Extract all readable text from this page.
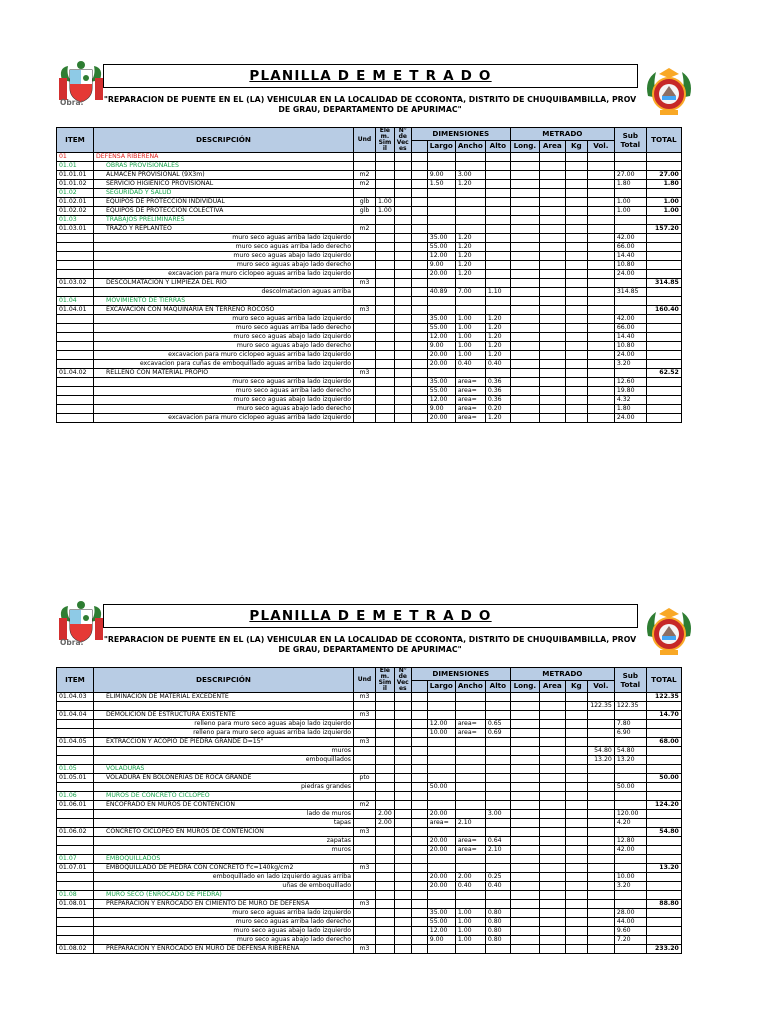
PLANILLA D E M E T R A D O
Obra:	"REPARACION DE PUENTE EN EL (LA) VEHICULAR EN LA LOCALIDAD DE CCORONTA, DISTRITO DE CHUQUIBAMBILLA, PROV
DE GRAU, DEPARTAMENTO DE APURIMAC"
ITEM	DESCRIPCIÓN	Und	Elem. Simil	N° de Veces	DIMENSIONES				METRADO				Sub Total	TOTAL
						Largo	Ancho	Alto	Long.	Area	Kg	Vol.		
01	DEFENSA RIBEREÑA													
01.01	OBRAS PROVISIONALES													
01.01.01	ALMACEN PROVISIONAL (9X3m)	m2				9.00	3.00						27.00	27.00
01.01.02	SERVICIO HIGIENICO PROVISIONAL	m2				1.50	1.20						1.80	1.80
01.02	SEGURIDAD Y SALUD													
01.02.01	EQUIPOS DE PROTECCION INDIVIDUAL	glb	1.00										1.00	1.00
01.02.02	EQUIPOS DE PROTECCION COLECTIVA	glb	1.00										1.00	1.00
01.03	TRABAJOS PRELIMINARES													
01.03.01	TRAZO Y REPLANTEO	m2												157.20
	muro seco aguas arriba lado izquierdo					35.00	1.20						42.00	
	muro seco aguas arriba lado derecho					55.00	1.20						66.00	
	muro seco aguas abajo lado izquierdo					12.00	1.20						14.40	
	muro seco aguas abajo lado derecho					9.00	1.20						10.80	
	excavacion para muro ciclopeo aguas arriba lado izquierdo					20.00	1.20						24.00	
01.03.02	DESCOLMATACION Y LIMPIEZA DEL RIO	m3												314.85
	descolmatacion aguas arriba					40.89	7.00	1.10					314.85	
01.04	MOVIMIENTO DE TIERRAS													
01.04.01	EXCAVACION CON MAQUINARIA EN TERRENO ROCOSO	m3												160.40
	muro seco aguas arriba lado izquierdo					35.00	1.00	1.20					42.00	
	muro seco aguas arriba lado derecho					55.00	1.00	1.20					66.00	
	muro seco aguas abajo lado izquierdo					12.00	1.00	1.20					14.40	
	muro seco aguas abajo lado derecho					9.00	1.00	1.20					10.80	
	excavacion para muro ciclopeo aguas arriba lado izquierdo					20.00	1.00	1.20					24.00	
	excavacion para cuñas de emboquillado aguas arriba lado izquierdo					20.00	0.40	0.40					3.20	
01.04.02	RELLENO CON MATERIAL PROPIO	m3												62.52
	muro seco aguas arriba lado izquierdo					35.00	area=	0.36					12.60	
	muro seco aguas arriba lado derecho					55.00	area=	0.36					19.80	
	muro seco aguas abajo lado izquierdo					12.00	area=	0.36					4.32	
	muro seco aguas abajo lado derecho					9.00	area=	0.20					1.80	
	excavacion para muro ciclopeo aguas arriba lado izquierdo					20.00	area=	1.20					24.00	
PLANILLA D E M E T R A D O
Obra:	"REPARACION DE PUENTE EN EL (LA) VEHICULAR EN LA LOCALIDAD DE CCORONTA, DISTRITO DE CHUQUIBAMBILLA, PROV
DE GRAU, DEPARTAMENTO DE APURIMAC"
ITEM	DESCRIPCIÓN	Und	Elem. Simil	N° de Veces	DIMENSIONES				METRADO				Sub Total	TOTAL
						Largo	Ancho	Alto	Long.	Area	Kg	Vol.		
01.04.03	ELIMINACION DE MATERIAL EXCEDENTE	m3												122.35
												122.35	122.35	
01.04.04	DEMOLICION DE ESTRUCTURA EXISTENTE	m3												14.70
	relleno para muro seco aguas abajo lado izquierdo					12.00	area=	0.65					7.80	
	relleno para muro seco aguas arriba lado izquierdo					10.00	area=	0.69					6.90	
01.04.05	EXTRACCION Y ACOPIO DE PIEDRA GRANDE D=15"	m3												68.00
	muros											54.80	54.80	
	emboquillados											13.20	13.20	
01.05	VOLADURAS													
01.05.01	VOLADURA EN BOLONERIAS DE ROCA GRANDE	pto												50.00
	piedras grandes					50.00							50.00	
01.06	MUROS DE CONCRETO CICLOPEO													
01.06.01	ENCOFRADO EN MUROS DE CONTENCION	m2												124.20
	lado de muros		2.00			20.00		3.00					120.00	
	tapas		2.00			area=	2.10						4.20	
01.06.02	CONCRETO CICLOPEO EN MUROS DE CONTENCION	m3												54.80
	zapatas					20.00	area=	0.64					12.80	
	muros					20.00	area=	2.10					42.00	
01.07	EMBOQUILLADOS													
01.07.01	EMBOQUILLADO DE PIEDRA CON CONCRETO f'c=140kg/cm2	m3												13.20
	emboquillado en lado izquierdo aguas arriba					20.00	2.00	0.25					10.00	
	uñas de emboquillado					20.00	0.40	0.40					3.20	
01.08	MURO SECO (ENROCADO DE PIEDRA)													
01.08.01	PREPARACION Y ENROCADO EN CIMIENTO DE MURO DE DEFENSA	m3												88.80
	muro seco aguas arriba lado izquierdo					35.00	1.00	0.80					28.00	
	muro seco aguas arriba lado derecho					55.00	1.00	0.80					44.00	
	muro seco aguas abajo lado izquierdo					12.00	1.00	0.80					9.60	
	muro seco aguas abajo lado derecho					9.00	1.00	0.80					7.20	
01.08.02	PREPARACION Y ENROCADO EN MURO DE DEFENSA RIBEREÑA	m3												233.20
